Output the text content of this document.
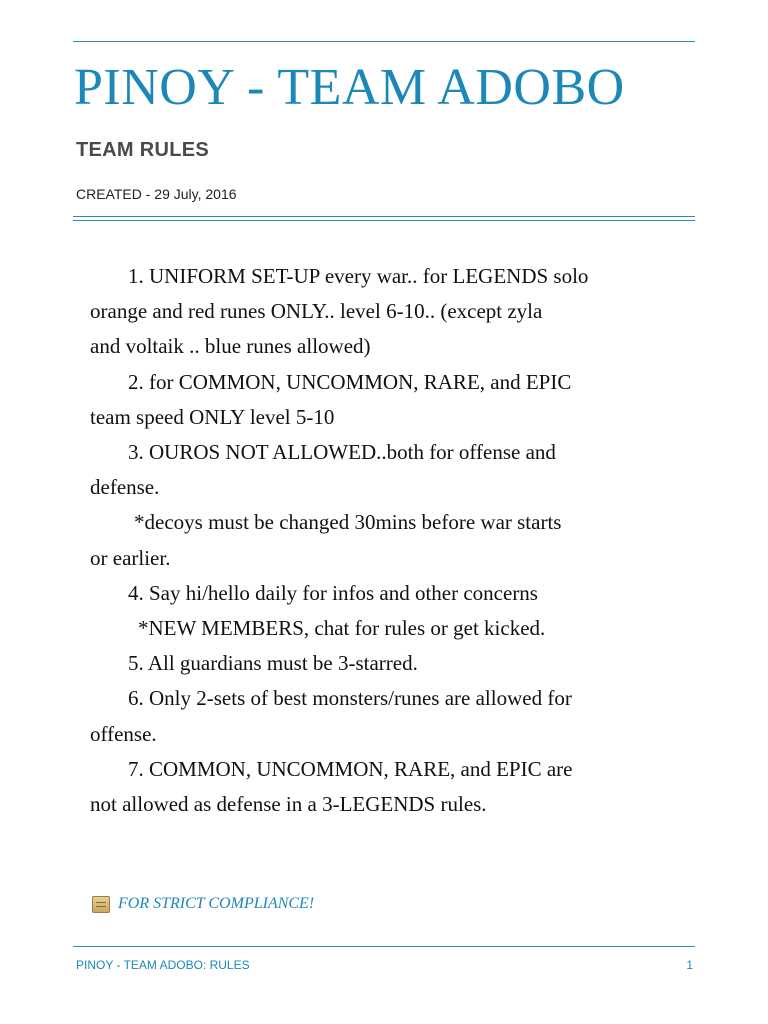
PINOY - TEAM ADOBO
TEAM RULES
CREATED - 29 July, 2016
1. UNIFORM SET-UP every war.. for LEGENDS solo
orange and red runes ONLY.. level 6-10.. (except zyla
and voltaik .. blue runes allowed)
2. for COMMON, UNCOMMON, RARE, and EPIC
team speed ONLY level 5-10
3. OUROS NOT ALLOWED..both for offense and
defense.
*decoys must be changed 30mins before war starts
or earlier.
4. Say hi/hello daily for infos and other concerns
*NEW MEMBERS, chat for rules or get kicked.
5. All guardians must be 3-starred.
6. Only 2-sets of best monsters/runes are allowed for
offense.
7. COMMON, UNCOMMON, RARE, and EPIC are
not allowed as defense in a 3-LEGENDS rules.
FOR STRICT COMPLIANCE!
PINOY - TEAM ADOBO: RULES	1
